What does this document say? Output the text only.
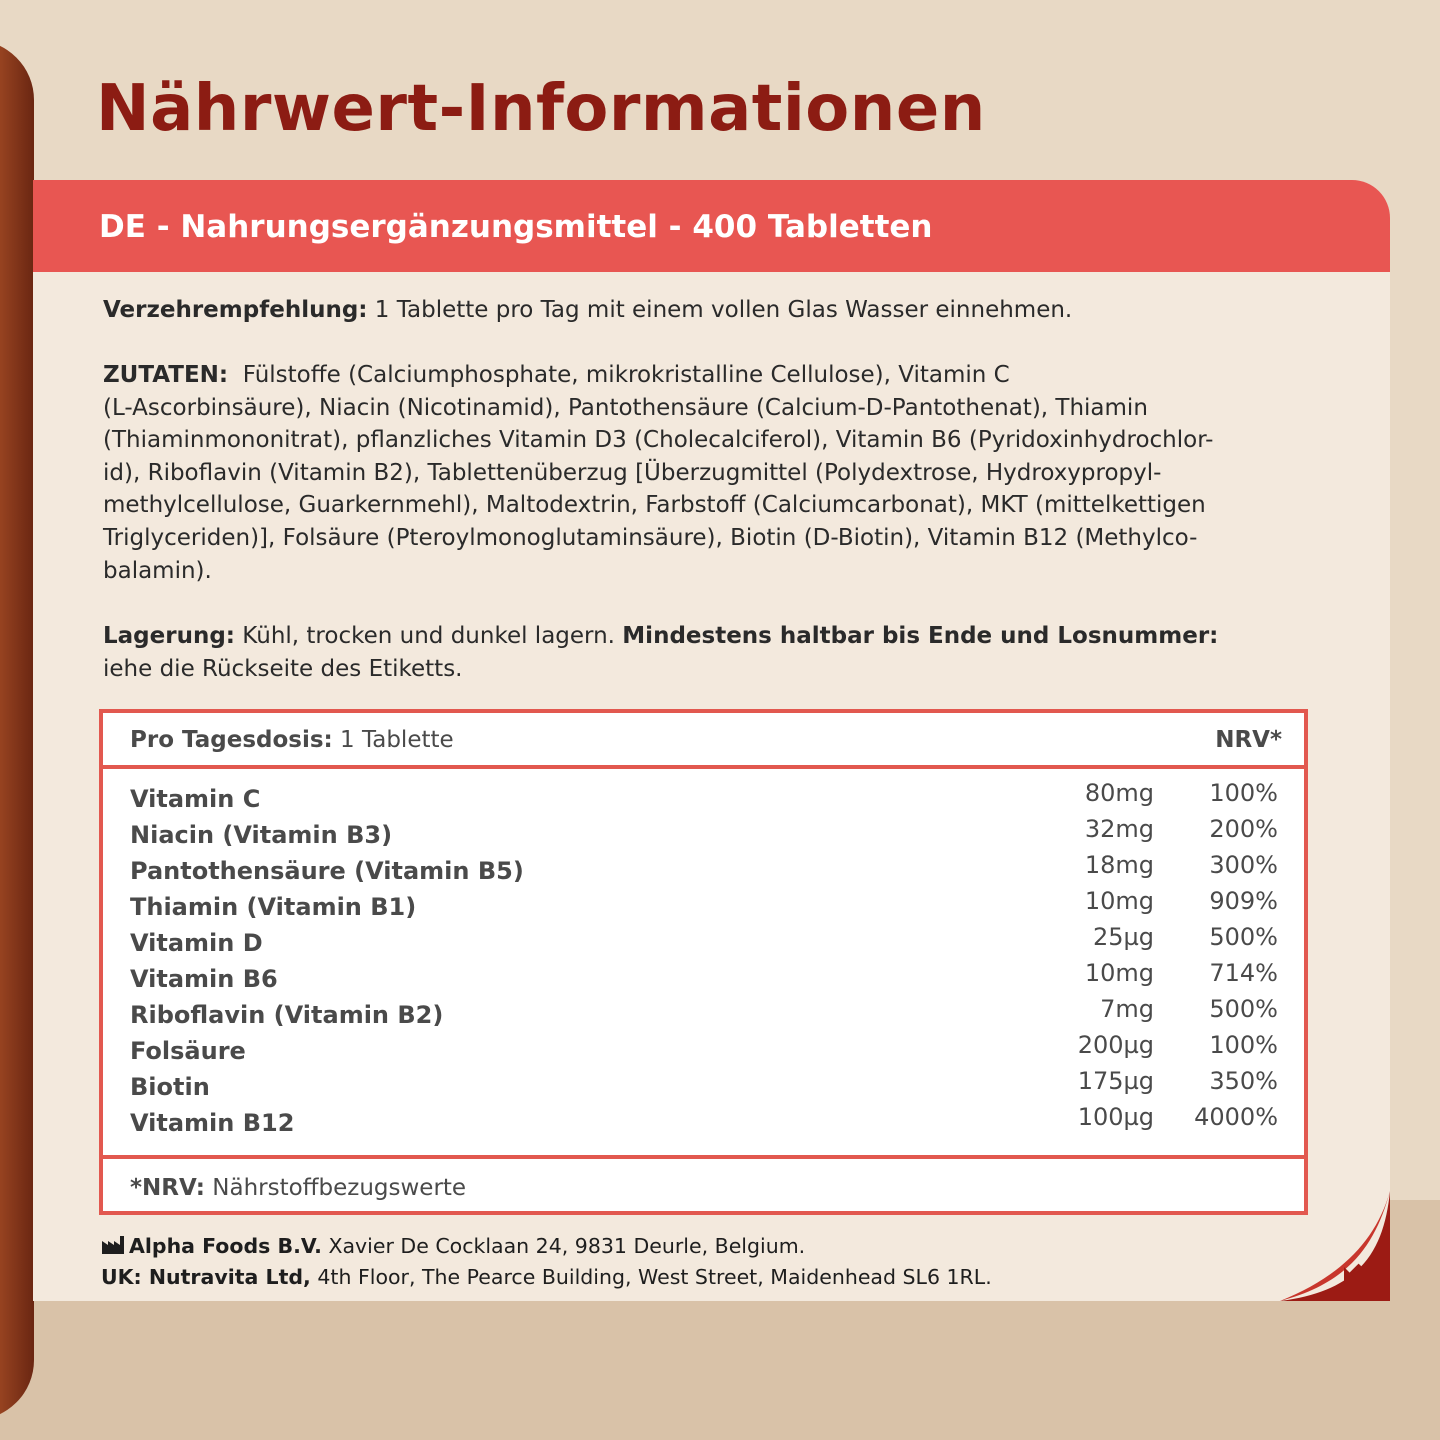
Nährwert-Informationen
DE - Nahrungsergänzungsmittel - 400 Tabletten
Verzehrempfehlung: 1 Tablette pro Tag mit einem vollen Glas Wasser einnehmen.
ZUTATEN:  Fülstoffe (Calciumphosphate, mikrokristalline Cellulose), Vitamin C
(L-Ascorbinsäure), Niacin (Nicotinamid), Pantothensäure (Calcium-D-Pantothenat), Thiamin
(Thiaminmononitrat), pflanzliches Vitamin D3 (Cholecalciferol), Vitamin B6 (Pyridoxinhydrochlor-
id), Riboflavin (Vitamin B2), Tablettenüberzug [Überzugmittel (Polydextrose, Hydroxypropyl-
methylcellulose, Guarkernmehl), Maltodextrin, Farbstoff (Calciumcarbonat), MKT (mittelkettigen
Triglyceriden)], Folsäure (Pteroylmonoglutaminsäure), Biotin (D-Biotin), Vitamin B12 (Methylco-
balamin).
Lagerung: Kühl, trocken und dunkel lagern. Mindestens haltbar bis Ende und Losnummer:
iehe die Rückseite des Etiketts.
Pro Tagesdosis: 1 Tablette	NRV*
Vitamin C	80mg 100%
Niacin (Vitamin B3)	32mg 200%
Pantothensäure (Vitamin B5)	18mg 300%
Thiamin (Vitamin B1)	10mg 909%
Vitamin D	25µg 500%
Vitamin B6	10mg 714%
Riboflavin (Vitamin B2)	7mg 500%
Folsäure	200µg 100%
Biotin	175µg 350%
Vitamin B12	100µg 4000%
*NRV: Nährstoffbezugswerte
Alpha Foods B.V. Xavier De Cocklaan 24, 9831 Deurle, Belgium.
UK: Nutravita Ltd, 4th Floor, The Pearce Building, West Street, Maidenhead SL6 1RL.
